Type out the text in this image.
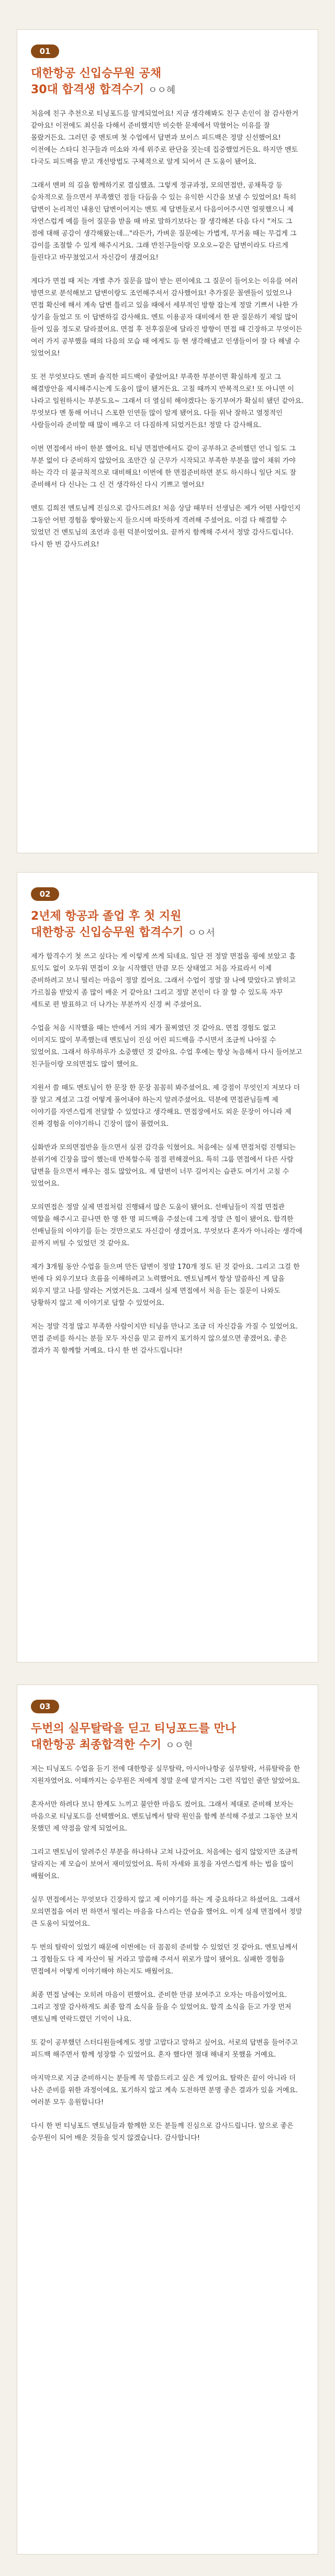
01
대한항공 신입승무원 공채
30대 합격생 합격수기 ㅇㅇ혜

처음에 친구 추천으로 티닝포드를 알게되었어요! 지금 생각해봐도 친구 손인이 참 감사한거 같아요! 이전에도 최신을 다해서 준비했지만 비슷한 문제에서 막혔어는 이유를 잘 몰랐거든요. 그러던 중 멘토며 첫 수업에서 답변과 보이스 피드백은 정말 신선했어요! 이전에는 스타디 친구들과 미소와 자세 위주로 판단을 짓는데 집중했었거든요. 하지만 멘토 다국도 피드백을 받고 개선방법도 구체적으로 알게 되어서 큰 도움이 됐어요.

그래서 멘퍼 의 길을 함께하기로 결심했죠. 그렇게 정규과정, 모의면접반, 공채특강 등 승차적으로 들으면서 부족했던 점들 다듬을 수 있는 유익한 시간을 보낼 수 있었어요! 특히 답변이 논리적인 내용인 답변이어지는 멘토 제 답변들로서 다음이어주시면 얼핏했으니 제 자연스럽게 예를 들어 질문을 받을 때 바로 말하기보다는 잘 생각해본 다음 다시 "저도 그 점에 대해 공감이 생각해왔는데..."라든가, 가벼운 질문에는 가볍게, 무거움 때는 무겁게 그 감이를 조절할 수 있게 해주시거요. 그래 반친구들이랑 모오오~같은 답변이라도 다르게 들린다고 바꾸쳤었고서 자신감이 생겼어요!

게다가 면접 때 저는 개별 추가 질문을 많이 받는 편이에요 그 질문이 들어오는 이유를 여러 방면으로 분석해보고 답변이랑도 조언해주셔서 감사했어요! 추가질문 꼴엔들이 있었으나 면접 확신에 해서 계속 답변 틀리고 있을 때에서 세부적인 방향 잡는게 정말 기쁘서 나한 가 상기을 들었고 또 이 답변하길 감사해요. 멘토 이용공자 대비에서 한 판 질문하기 제일 많이 들어 있을 정도로 달라졌어요. 면접 후 전후질문에 달라진 방향이 면접 때 긴장하고 무엇이든 여러 가지 공부했을 때의 다음의 모습 때 에게도 등 현 생각해냈고 인생들이어 잘 다 해낼 수 있었어요!

또 전 무엇보다도 멘퍼 솔직한 피드백이 좋았어요! 부족한 부분이면 확실하게 짚고 그 해결방안을 제시해주시는게 도움이 많이 됐거든요. 고칠 때까지 반복적으로! 또 아니면 이 나라고 일원하시는 부분도요~ 그래서 더 열심히 해야겠다는 동기부여가 확실히 됐던 같아요. 무엇보다 멘 통해 어너니 스포한 인연들 많이 알게 됐어요. 다들 위낙 잘하고 열정적인 사람들이라 준비할 때 많이 배우고 더 다짐하게 되었거든요! 정말 다 감사해요.

이번 면접에서 바이 한분 했어요. 티닝 면접반에서도 같이 공부하고 준비했던 언니 일도 그 부분 없이 다 준비하지 않았어요 조만간 실 근무가 시작되고 부족한 부분을 많이 채워 가야 하는 각각 더 불규칙적으로 대비해요! 이번에 한 면접준비하면 분도 하시하니 일단 저도 잘 준비해서 다 신나는 그 신 건 생각하신 다시 기쁘고 열어요!

멘토 김희전 멘토님께 진심으로 감사드려요! 처음 상담 때부터 선생님은 제가 어떤 사람인지 그동안 어떤 경험을 쌓아왔는지 들으시며 따뜻하게 격려해 주셨어요. 이걸 다 해결할 수 있었던 건 멘토님의 조언과 응원 덕분이었어요. 끝까지 함께해 주셔서 정말 감사드립니다. 다시 한 번 감사드려요!

02
2년제 항공과 졸업 후 첫 지원
대한항공 신입승무원 합격수기 ㅇㅇ서

제가 합격수기 첫 쓰고 싶다는 게 이렇게 쓰게 되네요. 일단 전 정말 면접을 굉에 보았고 흠 토익도 없이 오두워 면접이 오늘 시작했던 만큼 모든 상태였고 처음 자료라서 이제 준비하려고 보니 떨리는 마음이 정말 컸어요. 그래서 수업이 정말 잘 나에 맞았다고 밝히고 가르침을 받았지 좀 많이 배운 거 같아요! 그리고 정말 본인이 다 잘 할 수 있도록 자꾸 세트로 편 발표하고 더 나가는 부분까지 신경 써 주셨어요.

수업을 처음 시작했을 때는 반에서 거의 제가 꼴찌였던 것 같아요. 면접 경험도 없고 이미지도 많이 부족했는데 멘토님이 진심 어린 피드백을 주시면서 조금씩 나아질 수 있었어요. 그래서 하루하루가 소중했던 것 같아요. 수업 후에는 항상 녹음해서 다시 들어보고 친구들이랑 모의면접도 많이 했어요.

지원서 쓸 때도 멘토님이 한 문장 한 문장 꼼꼼히 봐주셨어요. 제 강점이 무엇인지 저보다 더 잘 알고 계셨고 그걸 어떻게 풀어내야 하는지 알려주셨어요. 덕분에 면접관님들께 제 이야기를 자연스럽게 전달할 수 있었다고 생각해요. 면접장에서도 외운 문장이 아니라 제 진짜 경험을 이야기하니 긴장이 많이 풀렸어요.

심화반과 모의면접반을 들으면서 실전 감각을 익혔어요. 처음에는 실제 면접처럼 진행되는 분위기에 긴장을 많이 했는데 반복할수록 점점 편해졌어요. 특히 그룹 면접에서 다른 사람 답변을 들으면서 배우는 점도 많았어요. 제 답변이 너무 길어지는 습관도 여기서 고칠 수 있었어요.

모의면접은 정말 실제 면접처럼 진행돼서 많은 도움이 됐어요. 선배님들이 직접 면접관 역할을 해주시고 끝나면 한 명 한 명 피드백을 주셨는데 그게 정말 큰 힘이 됐어요. 합격한 선배님들의 이야기를 듣는 것만으로도 자신감이 생겼어요. 무엇보다 혼자가 아니라는 생각에 끝까지 버틸 수 있었던 것 같아요.

제가 3개월 동안 수업을 들으며 만든 답변이 정말 170개 정도 된 것 같아요. 그리고 그걸 한 번에 다 외우기보다 흐름을 이해하려고 노력했어요. 멘토님께서 항상 말씀하신 게 답을 외우지 말고 나를 알라는 거였거든요. 그래서 실제 면접에서 처음 듣는 질문이 나와도 당황하지 않고 제 이야기로 답할 수 있었어요.

저는 정말 걱정 많고 부족한 사람이지만 티닝을 만나고 조금 더 자신감을 가질 수 있었어요. 면접 준비를 하시는 분들 모두 자신을 믿고 끝까지 포기하지 않으셨으면 좋겠어요. 좋은 결과가 꼭 함께할 거예요. 다시 한 번 감사드립니다!

03
두번의 실무탈락을 딛고 티닝포드를 만나
대한항공 최종합격한 수기 ㅇㅇ현

저는 티닝포드 수업을 듣기 전에 대한항공 실무탈락, 아시아나항공 실무탈락, 서류탈락을 한 지원자였어요. 이때까지는 승무원은 저에게 정말 운에 맡겨지는 그런 직업인 줄만 알았어요.

혼자서만 하려다 보니 한계도 느끼고 불안한 마음도 컸어요. 그래서 제대로 준비해 보자는 마음으로 티닝포드를 선택했어요. 멘토님께서 탈락 원인을 함께 분석해 주셨고 그동안 보지 못했던 제 약점을 알게 되었어요.

그리고 멘토님이 알려주신 부분을 하나하나 고쳐 나갔어요. 처음에는 쉽지 않았지만 조금씩 달라지는 제 모습이 보여서 재미있었어요. 특히 자세와 표정을 자연스럽게 하는 법을 많이 배웠어요.

실무 면접에서는 무엇보다 긴장하지 않고 제 이야기를 하는 게 중요하다고 하셨어요. 그래서 모의면접을 여러 번 하면서 떨리는 마음을 다스리는 연습을 했어요. 이게 실제 면접에서 정말 큰 도움이 되었어요.

두 번의 탈락이 있었기 때문에 이번에는 더 꼼꼼히 준비할 수 있었던 것 같아요. 멘토님께서 그 경험들도 다 제 자산이 될 거라고 말씀해 주셔서 위로가 많이 됐어요. 실패한 경험을 면접에서 어떻게 이야기해야 하는지도 배웠어요.

최종 면접 날에는 오히려 마음이 편했어요. 준비한 만큼 보여주고 오자는 마음이었어요. 그리고 정말 감사하게도 최종 합격 소식을 들을 수 있었어요. 합격 소식을 듣고 가장 먼저 멘토님께 연락드렸던 기억이 나요.

또 같이 공부했던 스터디원들에게도 정말 고맙다고 말하고 싶어요. 서로의 답변을 들어주고 피드백 해주면서 함께 성장할 수 있었어요. 혼자 했다면 절대 해내지 못했을 거예요.

마지막으로 지금 준비하시는 분들께 꼭 말씀드리고 싶은 게 있어요. 탈락은 끝이 아니라 더 나은 준비를 위한 과정이에요. 포기하지 않고 계속 도전하면 분명 좋은 결과가 있을 거예요. 여러분 모두 응원합니다!

다시 한 번 티닝포드 멘토님들과 함께한 모든 분들께 진심으로 감사드립니다. 앞으로 좋은 승무원이 되어 배운 것들을 잊지 않겠습니다. 감사합니다!
